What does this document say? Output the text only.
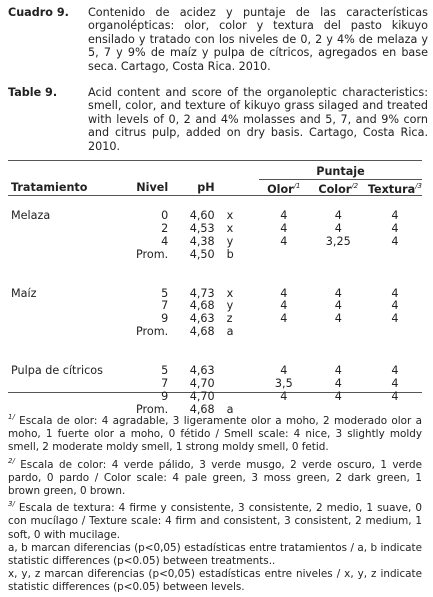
Cuadro 9. Contenido de acidez y puntaje de las características organolépticas: olor, color y textura del pasto kikuyo ensilado y tratado con los niveles de 0, 2 y 4% de melaza y 5, 7 y 9% de maíz y pulpa de cítricos, agregados en base seca. Cartago, Costa Rica. 2010.
Table 9.	Acid content and score of the organoleptic characteristics: smell, color, and texture of kikuyo grass silaged and treated with levels of 0, 2 and 4% molasses and 5, 7, and 9% corn and citrus pulp, added on dry basis. Cartago, Costa Rica. 2010.
				Puntaje		
Tratamiento	Nivel	pH		Olor$^{/1}$	Color$^{/2}$	Textura$^{/3}$

Melaza	0	4,60	x	4	4	4
	2	4,53	x	4	4	4
	4	4,38	y	4	3,25	4
	Prom.	4,50	b			

Maíz	5	4,73	x	4	4	4
	7	4,68	y	4	4	4
	9	4,63	z	4	4	4
	Prom.	4,68	a			

Pulpa de cítricos	5	4,63		4	4	4
	7	4,70		3,5	4	4
	9	4,70		4	4	4
	Prom.	4,68	a			

$^{1/}$ Escala de olor: 4 agradable, 3 ligeramente olor a moho, 2 moderado olor a moho, 1 fuerte olor a moho, 0 fétido / Smell scale: 4 nice, 3 slightly moldy smell, 2 moderate moldy smell, 1 strong moldy smell, 0 fetid.

$^{2/}$ Escala de color: 4 verde pálido, 3 verde musgo, 2 verde oscuro, 1 verde pardo, 0 pardo / Color scale: 4 pale green, 3 moss green, 2 dark green, 1 brown green, 0 brown.

$^{3/}$ Escala de textura: 4 firme y consistente, 3 consistente, 2 medio, 1 suave, 0 con mucílago / Texture scale: 4 firm and consistent, 3 consistent, 2 medium, 1 soft, 0 with mucilage.

a, b marcan diferencias (p<0,05) estadísticas entre tratamientos / a, b indicate statistic differences (p<0.05) between treatments..

x, y, z marcan diferencias (p<0,05) estadísticas entre niveles / x, y, z indicate statistic differences (p<0.05) between levels.
